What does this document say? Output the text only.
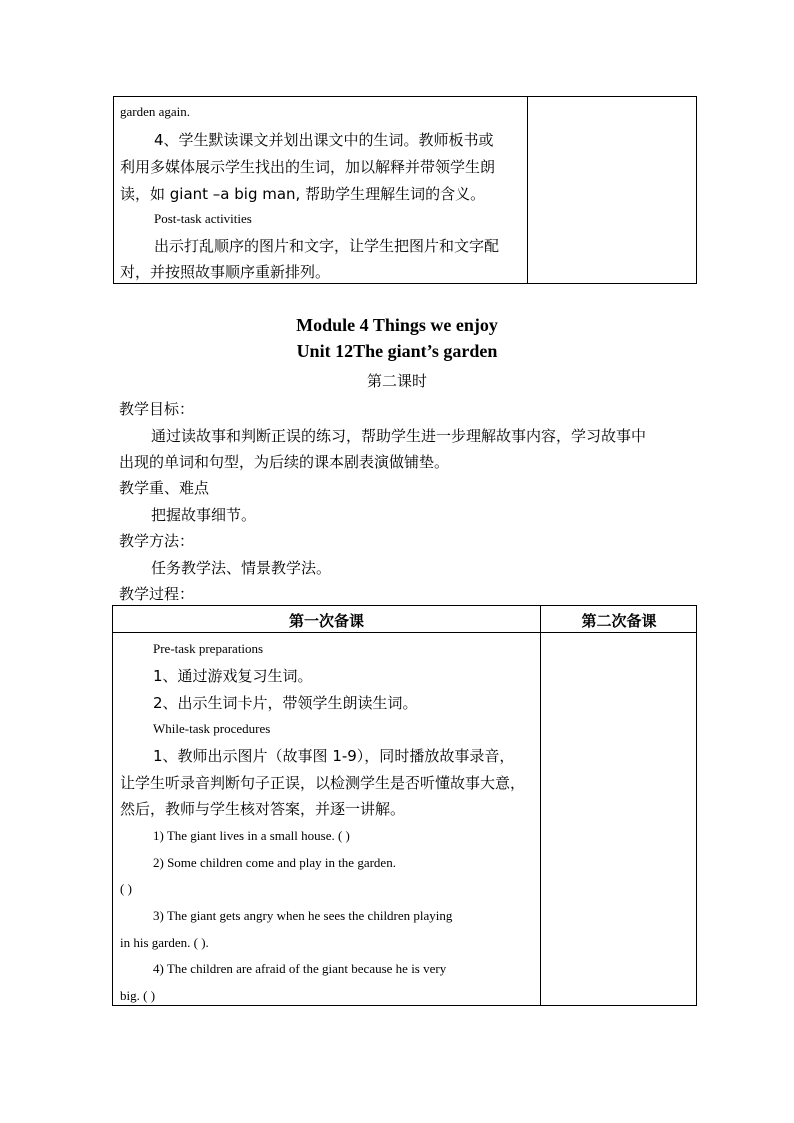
garden again.
4、学生默读课文并划出课文中的生词。教师板书或
利用多媒体展示学生找出的生词，加以解释并带领学生朗
读，如 giant –a big man, 帮助学生理解生词的含义。
Post-task activities
出示打乱顺序的图片和文字，让学生把图片和文字配
对，并按照故事顺序重新排列。
Module 4 Things we enjoy
Unit 12The giant’s garden
第二课时
教学目标：
通过读故事和判断正误的练习，帮助学生进一步理解故事内容，学习故事中
出现的单词和句型，为后续的课本剧表演做铺垫。
教学重、难点
把握故事细节。
教学方法：
任务教学法、情景教学法。
教学过程：
第一次备课	第二次备课
Pre-task preparations
1、通过游戏复习生词。
2、出示生词卡片，带领学生朗读生词。
While-task procedures
1、教师出示图片（故事图 1-9），同时播放故事录音，
让学生听录音判断句子正误，以检测学生是否听懂故事大意，
然后，教师与学生核对答案，并逐一讲解。
1) The giant lives in a small house. ( )
2) Some children come and play in the garden.
( )
3) The giant gets angry when he sees the children playing
in his garden. ( ).
4) The children are afraid of the giant because he is very
big. ( )
